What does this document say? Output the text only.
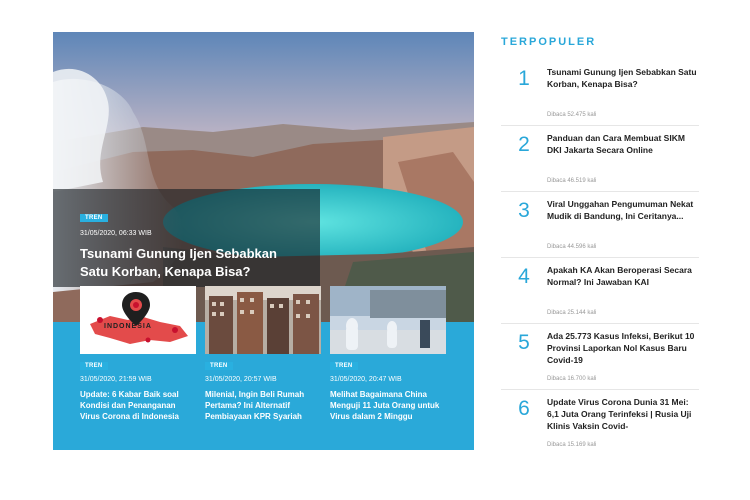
TREN
31/05/2020, 06:33 WIB
Tsunami Gunung Ijen Sebabkan Satu Korban, Kenapa Bisa?
INDONESIA
TREN
31/05/2020, 21:59 WIB
Update: 6 Kabar Baik soal Kondisi dan Penanganan Virus Corona di Indonesia
TREN
31/05/2020, 20:57 WIB
Milenial, Ingin Beli Rumah Pertama? Ini Alternatif Pembiayaan KPR Syariah
TREN
31/05/2020, 20:47 WIB
Melihat Bagaimana China Menguji 11 Juta Orang untuk Virus dalam 2 Minggu
TERPOPULER
1 Tsunami Gunung Ijen Sebabkan Satu Korban, Kenapa Bisa?
Dibaca 52.475 kali
2 Panduan dan Cara Membuat SIKM DKI Jakarta Secara Online
Dibaca 46.519 kali
3 Viral Unggahan Pengumuman Nekat Mudik di Bandung, Ini Ceritanya...
Dibaca 44.596 kali
4 Apakah KA Akan Beroperasi Secara Normal? Ini Jawaban KAI
Dibaca 25.144 kali
5 Ada 25.773 Kasus Infeksi, Berikut 10 Provinsi Laporkan Nol Kasus Baru Covid-19
Dibaca 16.700 kali
6 Update Virus Corona Dunia 31 Mei: 6,1 Juta Orang Terinfeksi | Rusia Uji Klinis Vaksin Covid-
Dibaca 15.169 kali
